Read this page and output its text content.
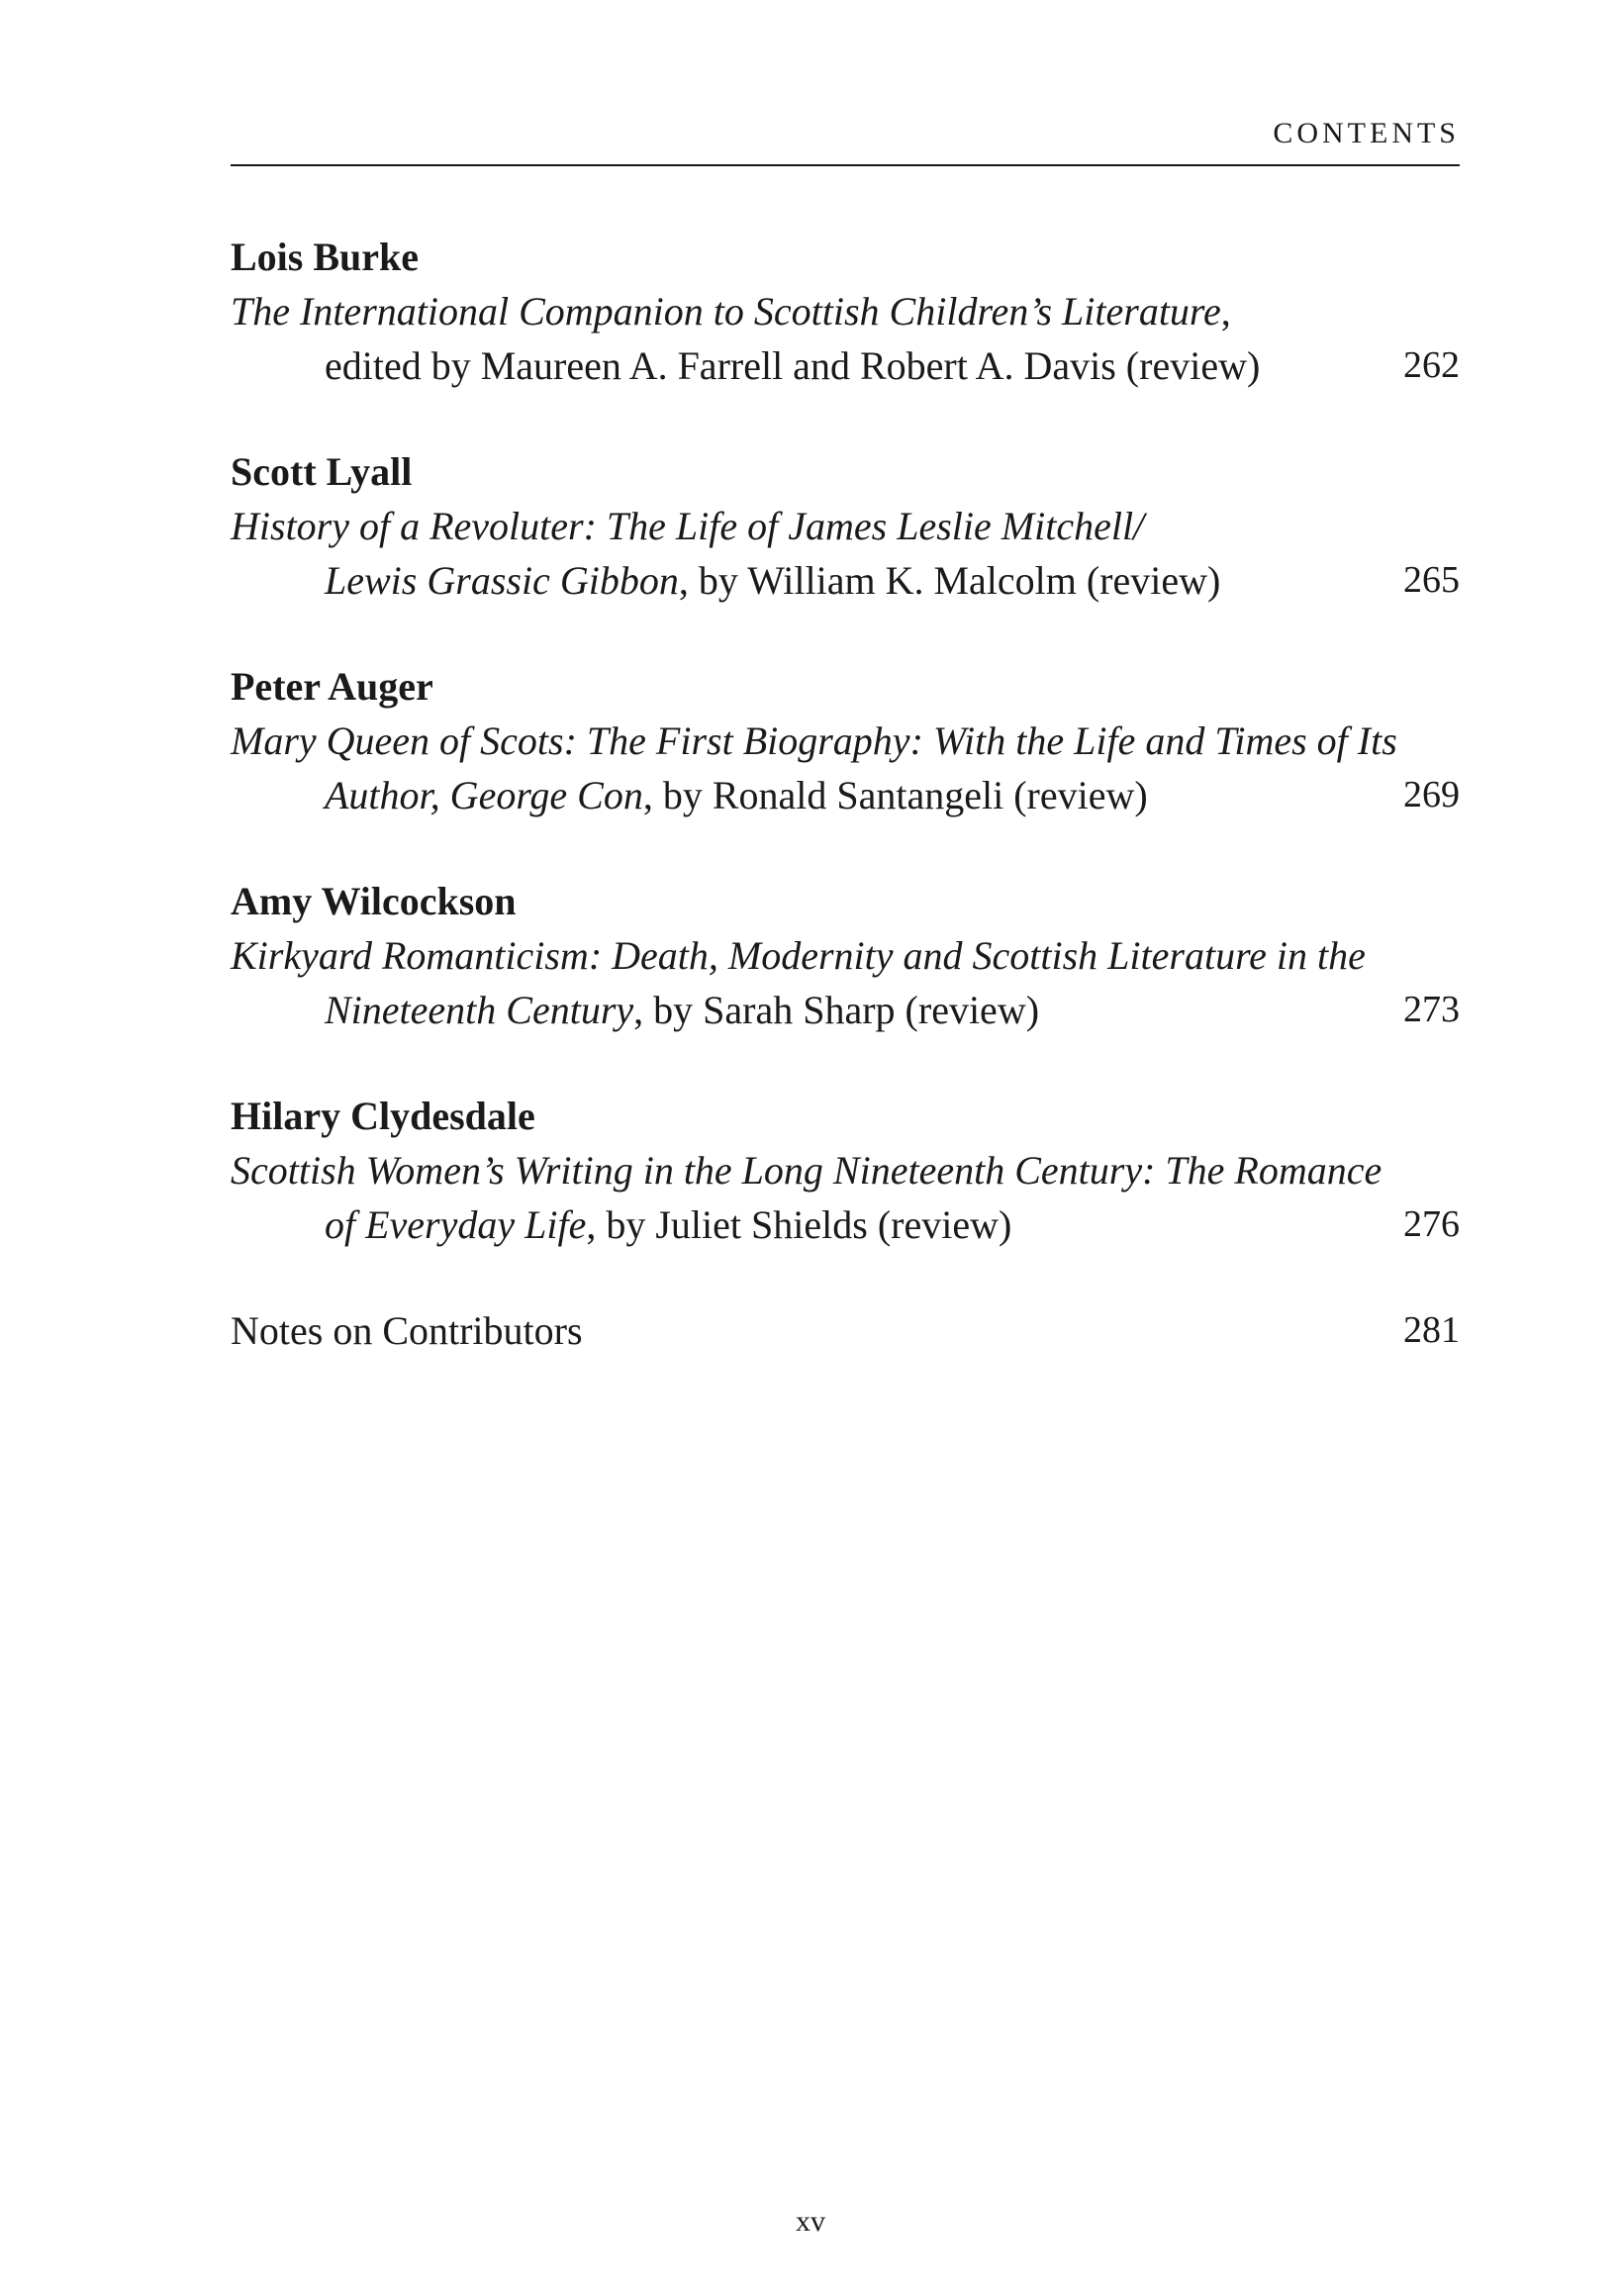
CONTENTS
Lois Burke
The International Companion to Scottish Children’s Literature,
edited by Maureen A. Farrell and Robert A. Davis (review)	262
Scott Lyall
History of a Revoluter: The Life of James Leslie Mitchell/
Lewis Grassic Gibbon, by William K. Malcolm (review)	265
Peter Auger
Mary Queen of Scots: The First Biography: With the Life and Times of Its
Author, George Con, by Ronald Santangeli (review)	269
Amy Wilcockson
Kirkyard Romanticism: Death, Modernity and Scottish Literature in the
Nineteenth Century, by Sarah Sharp (review)	273
Hilary Clydesdale
Scottish Women’s Writing in the Long Nineteenth Century: The Romance
of Everyday Life, by Juliet Shields (review)	276
Notes on Contributors	281
xv
